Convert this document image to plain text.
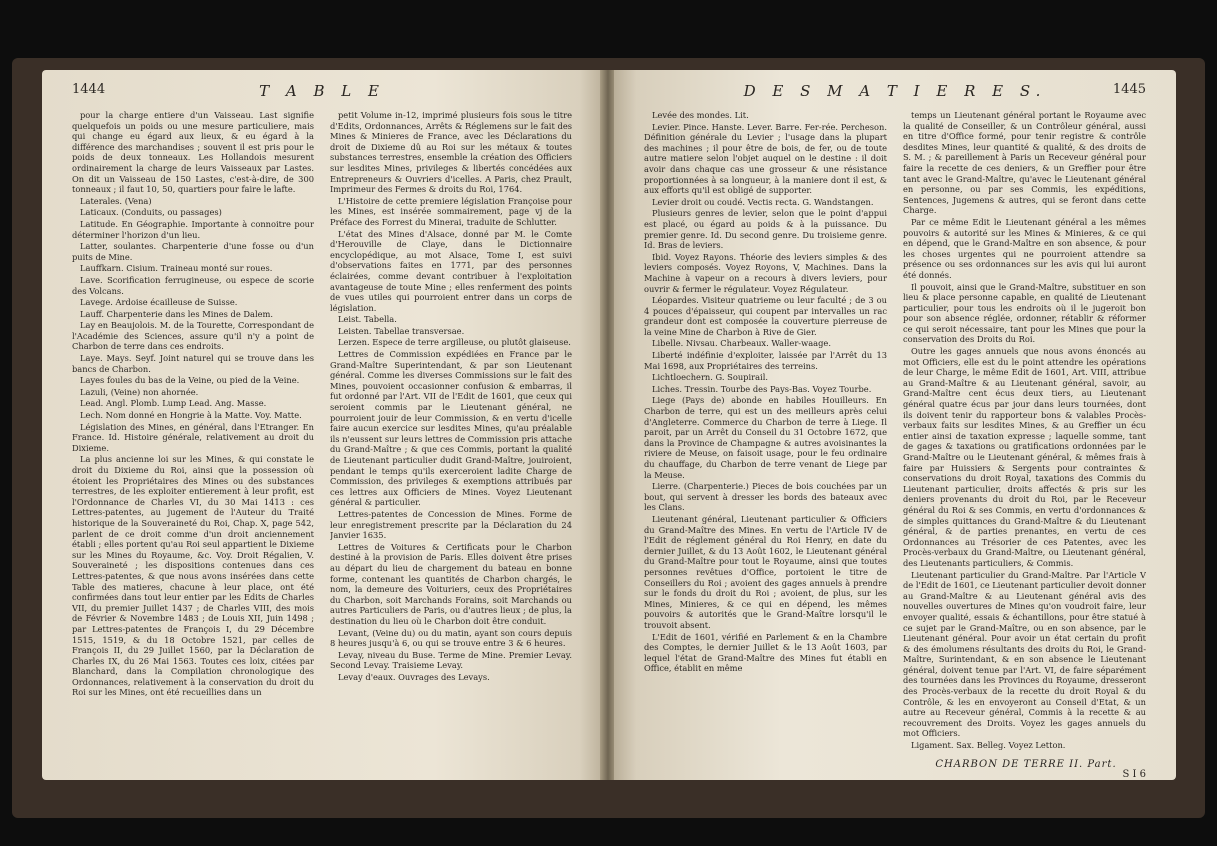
1444	T A B L E

pour la charge entiere d'un Vaisseau. Last signifie quelquefois un poids ou une mesure particuliere, mais qui change eu égard aux lieux, & eu égard à la différence des marchandises ; souvent il est pris pour le poids de deux tonneaux. Les Hollandois mesurent ordinairement la charge de leurs Vaisseaux par Lastes. On dit un Vaisseau de 150 Lastes, c'est-à-dire, de 300 tonneaux ; il faut 10, 50, quartiers pour faire le lafte.

Laterales. (Vena)

Laticaux. (Conduits, ou passages)

Latitude. En Géographie. Importante à connoitre pour déterminer l'horizon d'un lieu.

Latter, soulantes. Charpenterie d'une fosse ou d'un puits de Mine.

Lauffkarn. Cisium. Traineau monté sur roues.

Lave. Scorification ferrugineuse, ou espece de scorie des Volcans.

Lavege. Ardoise écailleuse de Suisse.

Lauff. Charpenterie dans les Mines de Dalem.

Lay en Beaujolois. M. de la Tourette, Correspondant de l'Académie des Sciences, assure qu'il n'y a point de Charbon de terre dans ces endroits.

Laye. Mays. Seyf. Joint naturel qui se trouve dans les bancs de Charbon.

Layes foules du bas de la Veine, ou pied de la Veine.

Lazuli, (Veine) non ahornée.

Lead. Angl. Plomb. Lump Lead. Ang. Masse.

Lech. Nom donné en Hongrie à la Matte. Voy. Matte.

Législation des Mines, en général, dans l'Etranger. En France. Id. Histoire générale, relativement au droit du Dixieme.

La plus ancienne loi sur les Mines, & qui constate le droit du Dixieme du Roi, ainsi que la possession où étoient les Propriétaires des Mines ou des substances terrestres, de les exploiter entierement à leur profit, est l'Ordonnance de Charles VI, du 30 Mai 1413 : ces Lettres-patentes, au jugement de l'Auteur du Traité historique de la Souveraineté du Roi, Chap. X, page 542, parlent de ce droit comme d'un droit anciennement établi ; elles portent qu'au Roi seul appartient le Dixieme sur les Mines du Royaume, &c. Voy. Droit Régalien, V. Souveraineté ; les dispositions contenues dans ces Lettres-patentes, & que nous avons insérées dans cette Table des matieres, chacune à leur place, ont été confirmées dans tout leur entier par les Edits de Charles VII, du premier Juillet 1437 ; de Charles VIII, des mois de Février & Novembre 1483 ; de Louis XII, Juin 1498 ; par Lettres-patentes de François I, du 29 Décembre 1515, 1519, & du 18 Octobre 1521, par celles de François II, du 29 Juillet 1560, par la Déclaration de Charles IX, du 26 Mai 1563. Toutes ces loix, citées par Blanchard, dans la Compilation chronologique des Ordonnances, relativement à la conservation du droit du Roi sur les Mines, ont été recueillies dans un

petit Volume in-12, imprimé plusieurs fois sous le titre d'Edits, Ordonnances, Arrêts & Réglemens sur le fait des Mines & Minieres de France, avec les Déclarations du droit de Dixieme dû au Roi sur les métaux & toutes substances terrestres, ensemble la création des Officiers sur lesdites Mines, privileges & libertés concédées aux Entrepreneurs & Ouvriers d'icelles. A Paris, chez Prault, Imprimeur des Fermes & droits du Roi, 1764.

L'Histoire de cette premiere législation Françoise pour les Mines, est insérée sommairement, page vj de la Préface des Forrest du Minerai, traduite de Schlutter.

L'état des Mines d'Alsace, donné par M. le Comte d'Herouville de Claye, dans le Dictionnaire encyclopédique, au mot Alsace, Tome I, est suivi d'observations faites en 1771, par des personnes éclairées, comme devant contribuer à l'exploitation avantageuse de toute Mine ; elles renferment des points de vues utiles qui pourroient entrer dans un corps de législation.

Leist. Tabella.

Leisten. Tabellae transversae.

Lerzen. Espece de terre argilleuse, ou plutôt glaiseuse.

Lettres de Commission expédiées en France par le Grand-Maître Superintendant, & par son Lieutenant général. Comme les diverses Commissions sur le fait des Mines, pouvoient occasionner confusion & embarras, il fut ordonné par l'Art. VII de l'Edit de 1601, que ceux qui seroient commis par le Lieutenant général, ne pourroient jouir de leur Commission, & en vertu d'icelle faire aucun exercice sur lesdites Mines, qu'au préalable ils n'eussent sur leurs lettres de Commission pris attache du Grand-Maître ; & que ces Commis, portant la qualité de Lieutenant particulier dudit Grand-Maître, jouiroient, pendant le temps qu'ils exerceroient ladite Charge de Commission, des privileges & exemptions attribués par ces lettres aux Officiers de Mines. Voyez Lieutenant général & particulier.

Lettres-patentes de Concession de Mines. Forme de leur enregistrement prescrite par la Déclaration du 24 Janvier 1635.

Lettres de Voitures & Certificats pour le Charbon destiné à la provision de Paris. Elles doivent être prises au départ du lieu de chargement du bateau en bonne forme, contenant les quantités de Charbon chargés, le nom, la demeure des Voituriers, ceux des Propriétaires du Charbon, soit Marchands Forains, soit Marchands ou autres Particuliers de Paris, ou d'autres lieux ; de plus, la destination du lieu où le Charbon doit être conduit.

Levant, (Veine du) ou du matin, ayant son cours depuis 8 heures jusqu'à 6, ou qui se trouve entre 3 & 6 heures.

Levay, niveau du Buse. Terme de Mine. Premier Levay. Second Levay. Traisieme Levay.

Levay d'eaux. Ouvrages des Levays.

D E S M A T I E R E S.	1445

Levée des mondes. Lit.

Levier. Pince. Hanste. Lever. Barre. Fer-rée. Percheson. Définition générale du Levier ; l'usage dans la plupart des machines ; il pour être de bois, de fer, ou de toute autre matiere selon l'objet auquel on le destine : il doit avoir dans chaque cas une grosseur & une résistance proportionnées à sa longueur, à la maniere dont il est, & aux efforts qu'il est obligé de supporter.

Levier droit ou coudé. Vectis recta. G. Wandstangen.

Plusieurs genres de levier, selon que le point d'appui est placé, ou égard au poids & à la puissance. Du premier genre. Id. Du second genre. Du troisieme genre. Id. Bras de leviers.

Ibid. Voyez Rayons. Théorie des leviers simples & des leviers composés. Voyez Royons, V, Machines. Dans la Machine à vapeur on a recours à divers leviers, pour ouvrir & fermer le régulateur. Voyez Régulateur.

Léopardes. Visiteur quatrieme ou leur faculté ; de 3 ou 4 pouces d'épaisseur, qui coupent par intervalles un rac grandeur dont est composée la couverture pierreuse de la veine Mine de Charbon à Rive de Gier.

Libelle. Nivsau. Charbeaux. Waller-waage.

Liberté indéfinie d'exploiter, laissée par l'Arrêt du 13 Mai 1698, aux Propriétaires des terreins.

Lichtloechern. G. Soupirail.

Liches. Tressin. Tourbe des Pays-Bas. Voyez Tourbe.

Liege (Pays de) abonde en habiles Houilleurs. En Charbon de terre, qui est un des meilleurs après celui d'Angleterre. Commerce du Charbon de terre à Liege. Il paroit, par un Arrêt du Conseil du 31 Octobre 1672, que dans la Province de Champagne & autres avoisinantes la riviere de Meuse, on faisoit usage, pour le feu ordinaire du chauffage, du Charbon de terre venant de Liege par la Meuse.

Lierre. (Charpenterie.) Pieces de bois couchées par un bout, qui servent à dresser les bords des bateaux avec les Clans.

Lieutenant général, Lieutenant particulier & Officiers du Grand-Maître des Mines. En vertu de l'Article IV de l'Edit de réglement général du Roi Henry, en date du dernier Juillet, & du 13 Août 1602, le Lieutenant général du Grand-Maître pour tout le Royaume, ainsi que toutes personnes revêtues d'Office, portoient le titre de Conseillers du Roi ; avoient des gages annuels à prendre sur le fonds du droit du Roi ; avoient, de plus, sur les Mines, Minieres, & ce qui en dépend, les mêmes pouvoirs & autorités que le Grand-Maître lorsqu'il le trouvoit absent.

L'Edit de 1601, vérifié en Parlement & en la Chambre des Comptes, le dernier Juillet & le 13 Août 1603, par lequel l'état de Grand-Maître des Mines fut établi en Office, établit en même

temps un Lieutenant général portant le Royaume avec la qualité de Conseiller, & un Contrôleur général, aussi en titre d'Office formé, pour tenir registre & contrôle desdites Mines, leur quantité & qualité, & des droits de S. M. ; & pareillement à Paris un Receveur général pour faire la recette de ces deniers, & un Greffier pour être tant avec le Grand-Maître, qu'avec le Lieutenant général en personne, ou par ses Commis, les expéditions, Sentences, Jugemens & autres, qui se feront dans cette Charge.

Par ce même Edit le Lieutenant général a les mêmes pouvoirs & autorité sur les Mines & Minieres, & ce qui en dépend, que le Grand-Maître en son absence, & pour les choses urgentes qui ne pourroient attendre sa présence ou ses ordonnances sur les avis qui lui auront été donnés.

Il pouvoit, ainsi que le Grand-Maître, substituer en son lieu & place personne capable, en qualité de Lieutenant particulier, pour tous les endroits où il le jugeroit bon pour son absence réglée, ordonner, rétablir & réformer ce qui seroit nécessaire, tant pour les Mines que pour la conservation des Droits du Roi.

Outre les gages annuels que nous avons énoncés au mot Officiers, elle est du le point attendre les opérations de leur Charge, le même Edit de 1601, Art. VIII, attribue au Grand-Maître & au Lieutenant général, savoir, au Grand-Maître cent écus deux tiers, au Lieutenant général quatre écus par jour dans leurs tournées, dont ils doivent tenir du rapporteur bons & valables Procès-verbaux faits sur lesdites Mines, & au Greffier un écu entier ainsi de taxation expresse ; laquelle somme, tant de gages & taxations ou gratifications ordonnées par le Grand-Maître ou le Lieutenant général, & mêmes frais à faire par Huissiers & Sergents pour contraintes & conservations du droit Royal, taxations des Commis du Lieutenant particulier, droits affectés & pris sur les deniers provenants du droit du Roi, par le Receveur général du Roi & ses Commis, en vertu d'ordonnances & de simples quittances du Grand-Maître & du Lieutenant général, & de parties prenantes, en vertu de ces Ordonnances au Trésorier de ces Patentes, avec les Procès-verbaux du Grand-Maître, ou Lieutenant général, des Lieutenants particuliers, & Commis.

Lieutenant particulier du Grand-Maître. Par l'Article V de l'Edit de 1601, ce Lieutenant particulier devoit donner au Grand-Maître & au Lieutenant général avis des nouvelles ouvertures de Mines qu'on voudroit faire, leur envoyer qualité, essais & échantillons, pour être statué à ce sujet par le Grand-Maître, ou en son absence, par le Lieutenant général. Pour avoir un état certain du profit & des émolumens résultants des droits du Roi, le Grand-Maître, Surintendant, & en son absence le Lieutenant général, doivent tenue par l'Art. VI, de faire séparément des tournées dans les Provinces du Royaume, dresseront des Procès-verbaux de la recette du droit Royal & du Contrôle, & les en envoyeront au Conseil d'Etat, & un autre au Receveur général, Commis à la recette & au recouvrement des Droits. Voyez les gages annuels du mot Officiers.

Ligament. Sax. Belleg. Voyez Letton.

CHARBON DE TERRE II. Part.
S I 6
